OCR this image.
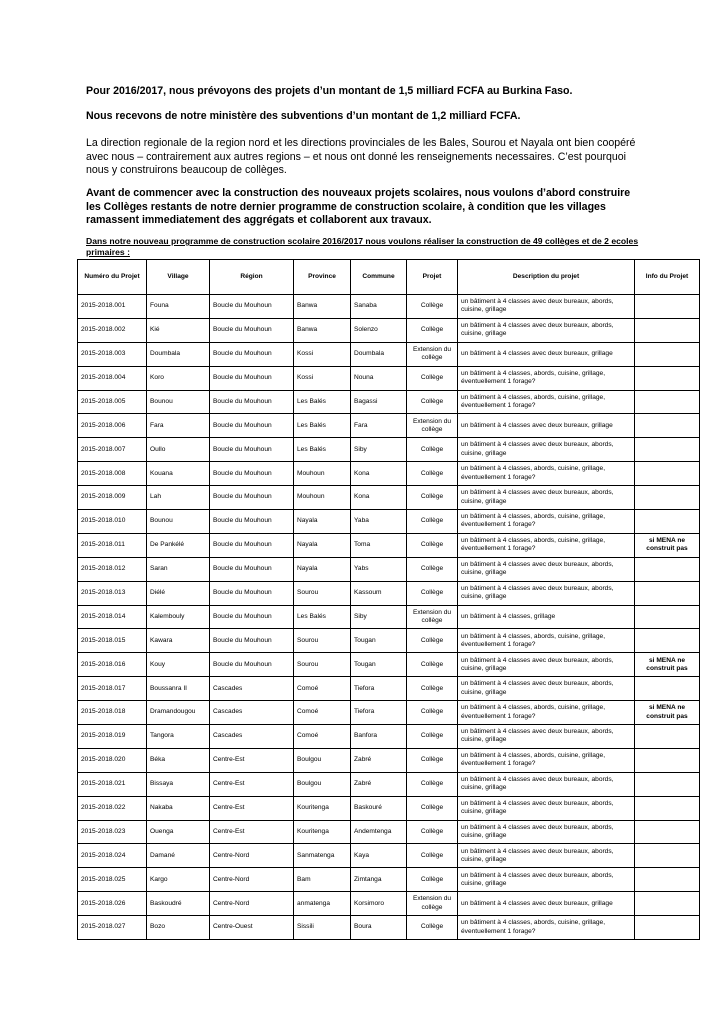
Pour 2016/2017, nous prévoyons des projets d’un montant de 1,5 milliard FCFA au Burkina Faso.

Nous recevons de notre ministère des subventions d’un montant de 1,2 milliard FCFA.

La direction regionale de la region nord et les directions provinciales de les Bales, Sourou et Nayala ont bien coopéré avec nous – contrairement aux autres regions – et nous ont donné les renseignements necessaires. C’est pourquoi nous y construirons beaucoup de collèges.

Avant de commencer avec la construction des nouveaux projets scolaires, nous voulons d’abord construire les Collèges restants de notre dernier programme de construction scolaire, à condition que les villages ramassent immediatement des aggrégats et collaborent aux travaux.

Dans notre nouveau programme de construction scolaire 2016/2017 nous voulons réaliser la construction de 49 collèges et de 2 ecoles primaires :

Numéro du Projet	Village	Région	Province	Commune	Projet	Description du projet	Info du Projet
2015-2018.001	Founa	Boucle du Mouhoun	Banwa	Sanaba	Collège	un bâtiment à 4 classes avec deux bureaux, abords, cuisine, grillage	
2015-2018.002	Kié	Boucle du Mouhoun	Banwa	Solenzo	Collège	un bâtiment à 4 classes avec deux bureaux, abords, cuisine, grillage	
2015-2018.003	Doumbala	Boucle du Mouhoun	Kossi	Doumbala	Extension du collège	un bâtiment à 4 classes avec deux bureaux, grillage	
2015-2018.004	Koro	Boucle du Mouhoun	Kossi	Nouna	Collège	un bâtiment à 4 classes, abords, cuisine, grillage, éventuellement 1 forage?	
2015-2018.005	Bounou	Boucle du Mouhoun	Les Balés	Bagassi	Collège	un bâtiment à 4 classes, abords, cuisine, grillage, éventuellement 1 forage?	
2015-2018.006	Fara	Boucle du Mouhoun	Les Balés	Fara	Extension du collège	un bâtiment à 4 classes avec deux bureaux, grillage	
2015-2018.007	Oullo	Boucle du Mouhoun	Les Balés	Siby	Collège	un bâtiment à 4 classes avec deux bureaux, abords, cuisine, grillage	
2015-2018.008	Kouana	Boucle du Mouhoun	Mouhoun	Kona	Collège	un bâtiment à 4 classes, abords, cuisine, grillage, éventuellement 1 forage?	
2015-2018.009	Lah	Boucle du Mouhoun	Mouhoun	Kona	Collège	un bâtiment à 4 classes avec deux bureaux, abords, cuisine, grillage	
2015-2018.010	Bounou	Boucle du Mouhoun	Nayala	Yaba	Collège	un bâtiment à 4 classes, abords, cuisine, grillage, éventuellement 1 forage?	
2015-2018.011	De Pankélé	Boucle du Mouhoun	Nayala	Toma	Collège	un bâtiment à 4 classes, abords, cuisine, grillage, éventuellement 1 forage?	si MENA ne construit pas
2015-2018.012	Saran	Boucle du Mouhoun	Nayala	Yabs	Collège	un bâtiment à 4 classes avec deux bureaux, abords, cuisine, grillage	
2015-2018.013	Diélé	Boucle du Mouhoun	Sourou	Kassoum	Collège	un bâtiment à 4 classes avec deux bureaux, abords, cuisine, grillage	
2015-2018.014	Kalembouly	Boucle du Mouhoun	Les Balés	Siby	Extension du collège	un bâtiment à 4 classes, grillage	
2015-2018.015	Kawara	Boucle du Mouhoun	Sourou	Tougan	Collège	un bâtiment à 4 classes, abords, cuisine, grillage, éventuellement 1 forage?	
2015-2018.016	Kouy	Boucle du Mouhoun	Sourou	Tougan	Collège	un bâtiment à 4 classes avec deux bureaux, abords, cuisine, grillage	si MENA ne construit pas
2015-2018.017	Boussanra II	Cascades	Comoé	Tiefora	Collège	un bâtiment à 4 classes avec deux bureaux, abords, cuisine, grillage	
2015-2018.018	Dramandougou	Cascades	Comoé	Tiefora	Collège	un bâtiment à 4 classes, abords, cuisine, grillage, éventuellement 1 forage?	si MENA ne construit pas
2015-2018.019	Tangora	Cascades	Comoé	Banfora	Collège	un bâtiment à 4 classes avec deux bureaux, abords, cuisine, grillage	
2015-2018.020	Béka	Centre-Est	Boulgou	Zabré	Collège	un bâtiment à 4 classes, abords, cuisine, grillage, éventuellement 1 forage?	
2015-2018.021	Bissaya	Centre-Est	Boulgou	Zabré	Collège	un bâtiment à 4 classes avec deux bureaux, abords, cuisine, grillage	
2015-2018.022	Nakaba	Centre-Est	Kouritenga	Baskouré	Collège	un bâtiment à 4 classes avec deux bureaux, abords, cuisine, grillage	
2015-2018.023	Ouenga	Centre-Est	Kouritenga	Andemtenga	Collège	un bâtiment à 4 classes avec deux bureaux, abords, cuisine, grillage	
2015-2018.024	Damané	Centre-Nord	Sanmatenga	Kaya	Collège	un bâtiment à 4 classes avec deux bureaux, abords, cuisine, grillage	
2015-2018.025	Kargo	Centre-Nord	Bam	Zimtanga	Collège	un bâtiment à 4 classes avec deux bureaux, abords, cuisine, grillage	
2015-2018.026	Baskoudré	Centre-Nord	anmatenga	Korsimoro	Extension du collège	un bâtiment à 4 classes avec deux bureaux, grillage	
2015-2018.027	Bozo	Centre-Ouest	Sissili	Boura	Collège	un bâtiment à 4 classes, abords, cuisine, grillage, éventuellement 1 forage?	
